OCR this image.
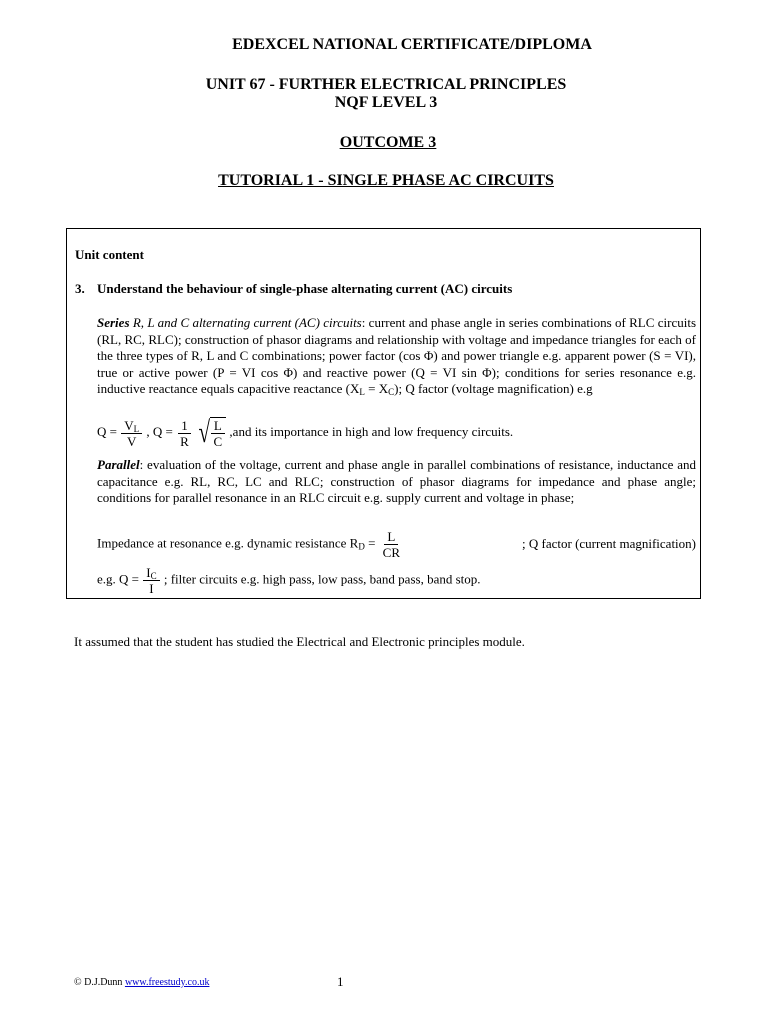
EDEXCEL NATIONAL CERTIFICATE/DIPLOMA
UNIT 67 - FURTHER ELECTRICAL PRINCIPLES
NQF LEVEL 3
OUTCOME 3
TUTORIAL 1 - SINGLE PHASE AC CIRCUITS
Unit content
3. Understand the behaviour of single-phase alternating current (AC) circuits
Series R, L and C alternating current (AC) circuits: current and phase angle in series combinations of RLC circuits (RL, RC, RLC); construction of phasor diagrams and relationship with voltage and impedance triangles for each of the three types of R, L and C combinations; power factor (cos Φ) and power triangle e.g. apparent power (S = VI), true or active power (P = VI cos Φ) and reactive power (Q = VI sin Φ); conditions for series resonance e.g. inductive reactance equals capacitive reactance $(X_L = X_C)$; Q factor (voltage magnification) e.g
$Q = \frac{V_L}{V}$ , $Q = \frac{1}{R}$
√ $\frac{L}{C} ,and$ its importance in high and low frequency circuits.
Parallel: evaluation of the voltage, current and phase angle in parallel combinations of resistance, inductance and capacitance e.g. RL, RC, LC and RLC; construction of phasor diagrams for impedance and phase angle; conditions for parallel resonance in an RLC circuit e.g. supply current and voltage in phase;
Impedance at resonance e.g. dynamic resistance $R_D = \frac{L}{CR}$	; Q factor (current magnification)
e.g. $Q = \frac{I_C}{I}$ ; filter circuits e.g. high pass, low pass, band pass, band stop.
It assumed that the student has studied the Electrical and Electronic principles module.
© D.J.Dunn www.freestudy.co.uk	1
